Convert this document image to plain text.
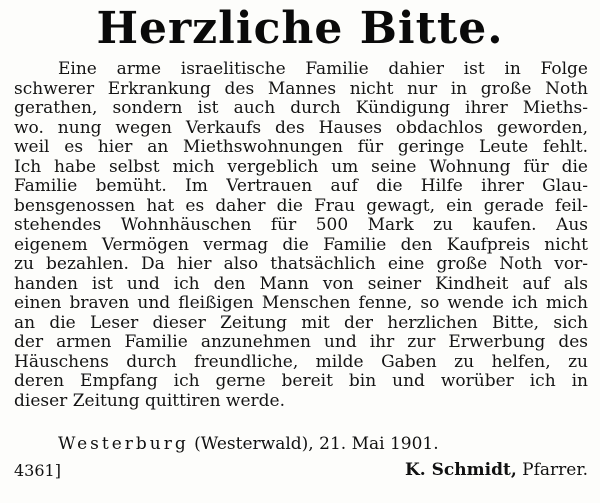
Herzliche Bitte.
Eine arme israelitische Familie dahier ist in Folge
schwerer Erkrankung des Mannes nicht nur in große Noth
gerathen, sondern ist auch durch Kündigung ihrer Mieths-
wo. nung wegen Verkaufs des Hauses obdachlos geworden,
weil es hier an Miethswohnungen für geringe Leute fehlt.
Ich habe selbst mich vergeblich um seine Wohnung für die
Familie bemüht. Im Vertrauen auf die Hilfe ihrer Glau-
bensgenossen hat es daher die Frau gewagt, ein gerade feil-
stehendes Wohnhäuschen für 500 Mark zu kaufen. Aus
eigenem Vermögen vermag die Familie den Kaufpreis nicht
zu bezahlen. Da hier also thatsächlich eine große Noth vor-
handen ist und ich den Mann von seiner Kindheit auf als
einen braven und fleißigen Menschen fenne, so wende ich mich
an die Leser dieser Zeitung mit der herzlichen Bitte, sich
der armen Familie anzunehmen und ihr zur Erwerbung des
Häuschens durch freundliche, milde Gaben zu helfen, zu
deren Empfang ich gerne bereit bin und worüber ich in
dieser Zeitung quittiren werde.
Westerburg (Westerwald), 21. Mai 1901.
4361]	K. Schmidt, Pfarrer.
